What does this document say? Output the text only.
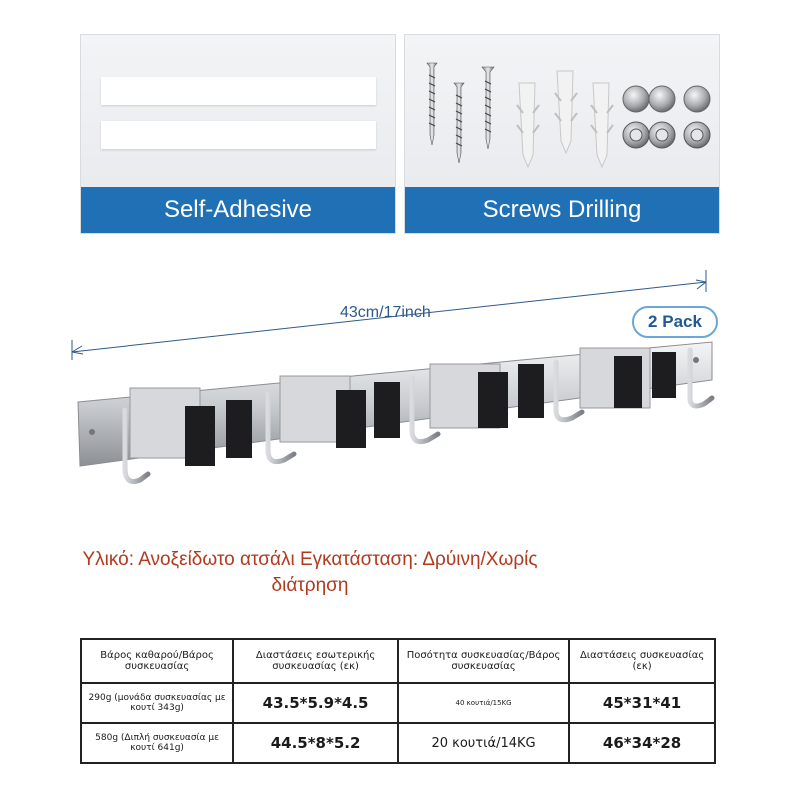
Self-Adhesive	Screws Drilling
43cm/17inch	2 Pack
Υλικό: Ανοξείδωτο ατσάλι Εγκατάσταση: Δρύινη/Χωρίς
διάτρηση
Βάρος καθαρού/Βάρος συσκευασίας	Διαστάσεις εσωτερικής συσκευασίας (εκ)	Ποσότητα συσκευασίας/Βάρος συσκευασίας	Διαστάσεις συσκευασίας (εκ)
290g (μονάδα συσκευασίας με κουτί 343g)	43.5*5.9*4.5	40 κουτιά/15KG	45*31*41
580g (Διπλή συσκευασία με κουτί 641g)	44.5*8*5.2	20 κουτιά/14KG	46*34*28
